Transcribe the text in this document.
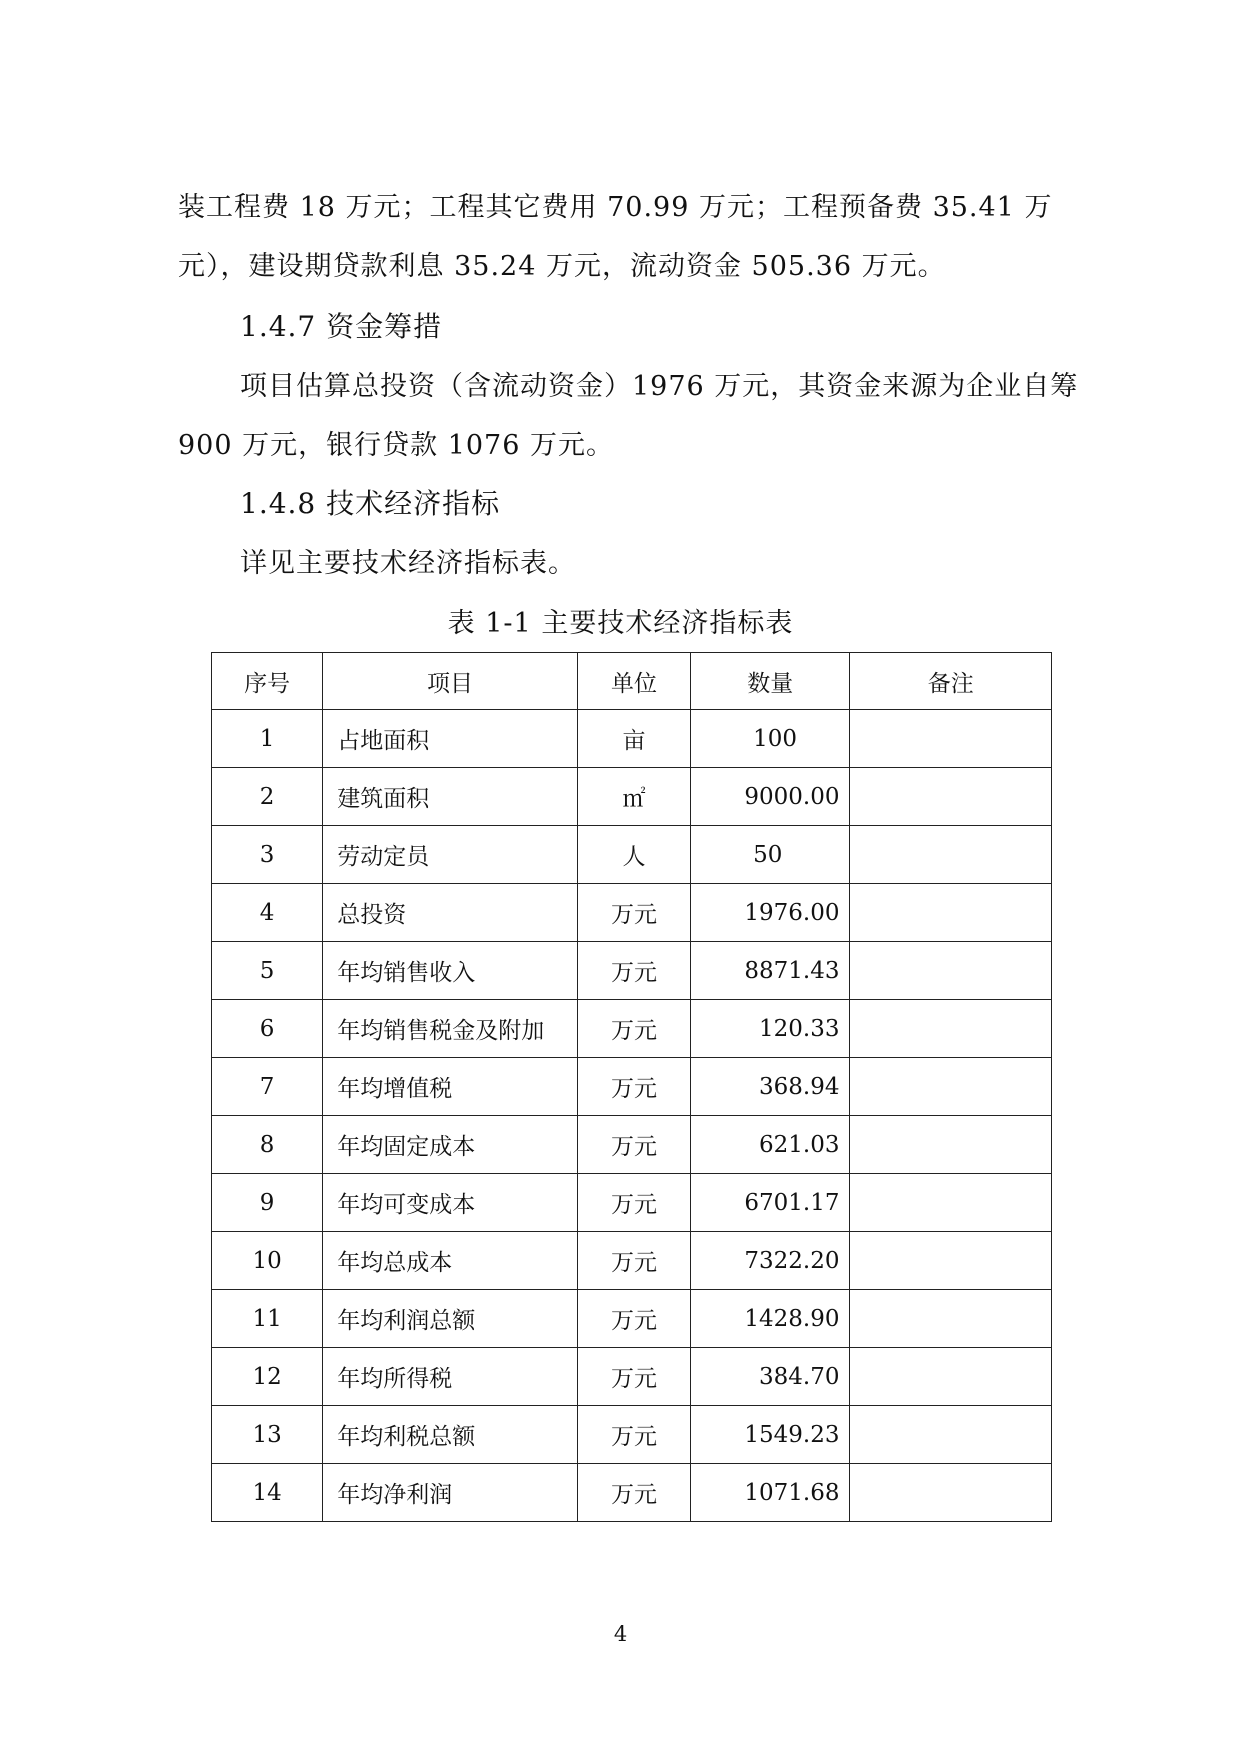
装工程费 18 万元；工程其它费用 70.99 万元；工程预备费 35.41 万元），建设期贷款利息 35.24 万元，流动资金 505.36 万元。

1.4.7 资金筹措

项目估算总投资（含流动资金）1976 万元，其资金来源为企业自筹 900 万元，银行贷款 1076 万元。

1.4.8 技术经济指标

详见主要技术经济指标表。

表 1-1 主要技术经济指标表
序号	项目	单位	数量	备注
1	占地面积	亩	100	
2	建筑面积	㎡	9000.00	
3	劳动定员	人	50	
4	总投资	万元	1976.00	
5	年均销售收入	万元	8871.43	
6	年均销售税金及附加	万元	120.33	
7	年均增值税	万元	368.94	
8	年均固定成本	万元	621.03	
9	年均可变成本	万元	6701.17	
10	年均总成本	万元	7322.20	
11	年均利润总额	万元	1428.90	
12	年均所得税	万元	384.70	
13	年均利税总额	万元	1549.23	
14	年均净利润	万元	1071.68	
4
